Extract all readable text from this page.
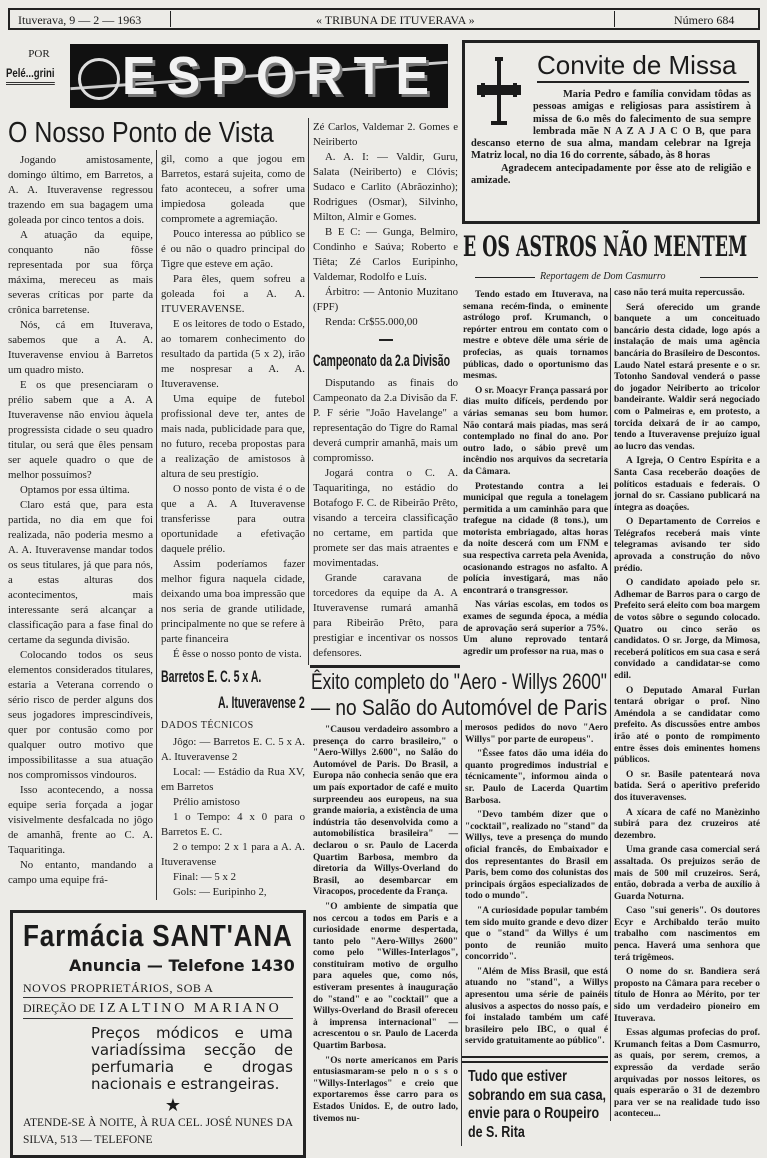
Ituverava, 9 — 2 — 1963	« TRIBUNA DE ITUVERAVA »	Número 684
POR
Pelé...grini ESPORTE
O Nosso Ponto de Vista

Jogando amistosamente, domingo último, em Barretos, a A. A. Ituveravense regressou trazendo em sua bagagem uma goleada por cinco tentos a dois.

A atuação da equipe, conquanto não fôsse representada por sua fôrça máxima, mereceu as mais severas críticas por parte da crônica barretense.

Nós, cá em Ituverava, sabemos que a A. A. Ituveravense enviou à Barretos um quadro misto.

E os que presenciaram o prélio sabem que a A. A Ituveravense não enviou àquela progressista cidade o seu quadro titular, ou será que êles pensam ser aquele quadro o que de melhor possuímos?

Optamos por essa última.

Claro está que, para esta partida, no dia em que foi realizada, não poderia mesmo a A. A. Ituveravense mandar todos os seus titulares, já que para nós, a estas alturas dos acontecimentos, mais interessante será alcançar a classificação para a fase final do certame da segunda divisão.

Colocando todos os seus elementos considerados titulares, estaria a Veterana correndo o sério risco de perder alguns dos seus jogadores imprescindíveis, quer por contusão como por qualquer outro motivo que impossibilitasse a sua atuação nos compromissos vindouros.

Isso acontecendo, a nossa equipe seria forçada a jogar visivelmente desfalcada no jôgo de amanhã, frente ao C. A. Taquaritinga.

No entanto, mandando a campo uma equipe frá-

gil, como a que jogou em Barretos, estará sujeita, como de fato aconteceu, a sofrer uma impiedosa goleada que compromete a agremiação.

Pouco interessa ao público se é ou não o quadro principal do Tigre que esteve em ação.

Para êles, quem sofreu a goleada foi a A. A. ITUVERAVENSE.

E os leitores de todo o Estado, ao tomarem conhecimento do resultado da partida (5 x 2), irão me nospresar a A. A. Ituveravense.

Uma equipe de futebol profissional deve ter, antes de mais nada, publicidade para que, no futuro, receba propostas para a realização de amistosos à altura de seu prestígio.

O nosso ponto de vista é o de que a A. A Ituveravense transferisse para outra oportunidade a efetivação daquele prélio.

Assim poderíamos fazer melhor figura naquela cidade, deixando uma boa impressão que nos seria de grande utilidade, principalmente no que se refere à parte financeira

É êsse o nosso ponto de vista.

Barretos E. C. 5 x A.
A. Ituveravense 2
DADOS TÉCNICOS

Jôgo: — Barretos E. C. 5 x A. A. Ituveravense 2

Local: — Estádio da Rua XV, em Barretos

Prélio amistoso

1 o Tempo: 4 x 0 para o Barretos E. C.

2 o tempo: 2 x 1 para a A. A. Ituveravense

Final: — 5 x 2

Gols: — Euripinho 2,

Zé Carlos, Valdemar 2. Gomes e Neiriberto

A. A. I: — Valdir, Guru, Salata (Neiriberto) e Clóvis; Sudaco e Carlito (Abrãozinho); Rodrigues (Osmar), Silvinho, Milton, Almir e Gomes.

B E C: — Gunga, Belmiro, Condinho e Saúva; Roberto e Tiêta; Zé Carlos Euripinho, Valdemar, Rodolfo e Luís.

Árbitro: — Antonio Muzitano (FPF)

Renda: Cr$55.000,00

Campeonato da 2.a Divisão

Disputando as finais do Campeonato da 2.a Divisão da F. P. F série "João Havelange" a representação do Tigre do Ramal deverá cumprir amanhã, mais um compromisso.

Jogará contra o C. A. Taquaritinga, no estádio do Botafogo F. C. de Ribeirão Prêto, visando a terceira classificação no certame, em partida que promete ser das mais atraentes e movimentadas.

Grande caravana de torcedores da equipe da A. A Ituveravense rumará amanhã para Ribeirão Prêto, para prestigiar e incentivar os nossos defensores.

Êxito completo do "Aero - Willys 2600"
— no Salão do Automóvel de Paris

"Causou verdadeiro assombro a presença do carro brasileiro," o "Aero-Willys 2.600", no Salão do Automóvel de Paris. Do Brasil, a Europa não conhecia senão que era um país exportador de café e muito surpreendeu aos europeus, na sua grande maioria, a existência de uma indústria tão desenvolvida como a automobilística brasileira" — declarou o sr. Paulo de Lacerda Quartim Barbosa, membro da diretoria da Willys-Overland do Brasil, ao desembarcar em Viracopos, procedente da França.

"O ambiente de simpatia que nos cercou a todos em Paris e a curiosidade enorme despertada, tanto pelo "Aero-Willys 2600" como pelo "Willes-Interlagos", constituiram motivo de orgulho para aqueles que, como nós, estiveram presentes à inauguração do "stand" e ao "cocktail" que a Willys-Overland do Brasil ofereceu à imprensa internacional" — acrescentou o sr. Paulo de Lacerda Quartim Barbosa.

"Os norte americanos em Paris entusiasmaram-se pelo n o s s o "Willys-Interlagos" e creio que exportaremos êsse carro para os Estados Unidos. E, de outro lado, tivemos nu-

merosos pedidos do novo "Aero Willys" por parte de europeus".

"Êssee fatos dão uma idéia do quanto progredimos industrial e técnicamente", informou ainda o sr. Paulo de Lacerda Quartim Barbosa.

"Devo também dizer que o "cocktail", realizado no "stand" da Willys, teve a presença do mundo oficial francês, do Embaixador e dos representantes do Brasil em Paris, bem como dos colunistas dos principais órgãos especializados de todo o mundo".

"A curiosidade popular também tem sido muito grande e devo dizer que o "stand" da Willys é um ponto de reunião muito concorrido".

"Além de Miss Brasil, que está atuando no "stand", a Willys apresentou uma série de painéis alusivos a aspectos do nosso país, e foi instalado também um café brasileiro pelo IBC, o qual é servido gratuitamente ao público".

Tudo que estiver sobrando em sua casa, envie para o Roupeiro de S. Rita
Convite de Missa
Maria Pedro e família convidam tôdas as pessoas amigas e religiosas para assistirem à missa de 6.o mês do falecimento de sua sempre lembrada mãe N A Z A J A C O B, que para descanso eterno de sua alma, mandam celebrar na Igreja Matriz local, no dia 16 do corrente, sábado, às 8 horas
Agradecem antecipadamente por êsse ato de religião e amizade.
E OS ASTROS NÃO MENTEM
Reportagem de Dom Casmurro

Tendo estado em Ituverava, na semana recém-finda, o eminente astrólogo prof. Krumanch, o repórter entrou em contato com o mestre e obteve dêle uma série de profecias, as quais tornamos públicas, dado o oportunismo das mesmas.

O sr. Moacyr França passará por dias muito difíceis, perdendo por várias semanas seu bom humor. Não contará mais piadas, mas será contemplado no final do ano. Por outro lado, o sábio prevê um incêndio nos arquivos da secretaria da Câmara.

Protestando contra a lei municipal que regula a tonelagem permitida a um caminhão para que trafegue na cidade (8 tons.), um motorista embriagado, altas horas da noite descerá com um FNM e sua respectiva carreta pela Avenida, ocasionando estragos no asfalto. A polícia investigará, mas não encontrará o transgressor.

Nas várias escolas, em todos os exames de segunda época, a média de aprovação será superior a 75%. Um aluno reprovado tentará agredir um professor na rua, mas o

caso não terá muita repercussão.

Será oferecido um grande banquete a um conceituado bancário desta cidade, logo após a instalação de mais uma agência bancária do Brasileiro de Descontos. Laudo Natel estará presente e o sr. Totonho Sandoval venderá o passe do jogador Neiriberto ao tricolor bandeirante. Waldir será negociado com o Palmeiras e, em protesto, a torcida deixará de ir ao campo, tendo a Ituveravense prejuízo igual ao lucro das vendas.

A Igreja, O Centro Espírita e a Santa Casa receberão doações de políticos estaduais e federais. O jornal do sr. Cassiano publicará na íntegra as doações.

O Departamento de Correios e Telégrafos receberá mais vinte telegramas avisando ter sido aprovada a construção do nôvo prédio.

O candidato apoiado pelo sr. Adhemar de Barros para o cargo de Prefeito será eleito com boa margem de votos sôbre o segundo colocado. Quatro ou cinco serão os candidatos. O sr. Jorge, da Mimosa, receberá políticos em sua casa e será convidado a candidatar-se como edil.

O Deputado Amaral Furlan tentará obrigar o prof. Nino Améndola a se candidatar como prefeito. As discussões entre ambos irão até o ponto de rompimento entre êsses dois eminentes homens públicos.

O sr. Basile patenteará nova batida. Será o aperitivo preferido dos ituveravenses.

A xícara de café no Manèzinho subirá para dez cruzeiros até dezembro.

Uma grande casa comercial será assaltada. Os prejuizos serão de mais de 500 mil cruzeiros. Será, então, dobrada a verba de auxílio à Guarda Noturna.

Caso "sui generis". Os doutores Ecyr e Archibaldo terão muito trabalho com nascimentos em penca. Haverá uma senhora que terá trigêmeos.

O nome do sr. Bandiera será proposto na Câmara para receber o título de Honra ao Mérito, por ter sido um verdadeiro pioneiro em Ituverava.

Essas algumas profecias do prof. Krumanch feitas a Dom Casmurro, as quais, por serem, cremos, a expressão da verdade serão arquivadas por nossos leitores, os quais esperarão o 31 de dezembro para ver se na realidade tudo isso aconteceu...

Farmácia SANT'ANA
Anuncia — Telefone 1430
NOVOS PROPRIETÁRIOS, SOB A
DIREÇÃO DE IZALTINO MARIANO
Preços módicos e uma variadíssima secção de perfumaria e drogas nacionais e estrangeiras.
★
ATENDE-SE À NOITE, À RUA CEL. JOSÉ NUNES DA SILVA, 513 — TELEFONE
